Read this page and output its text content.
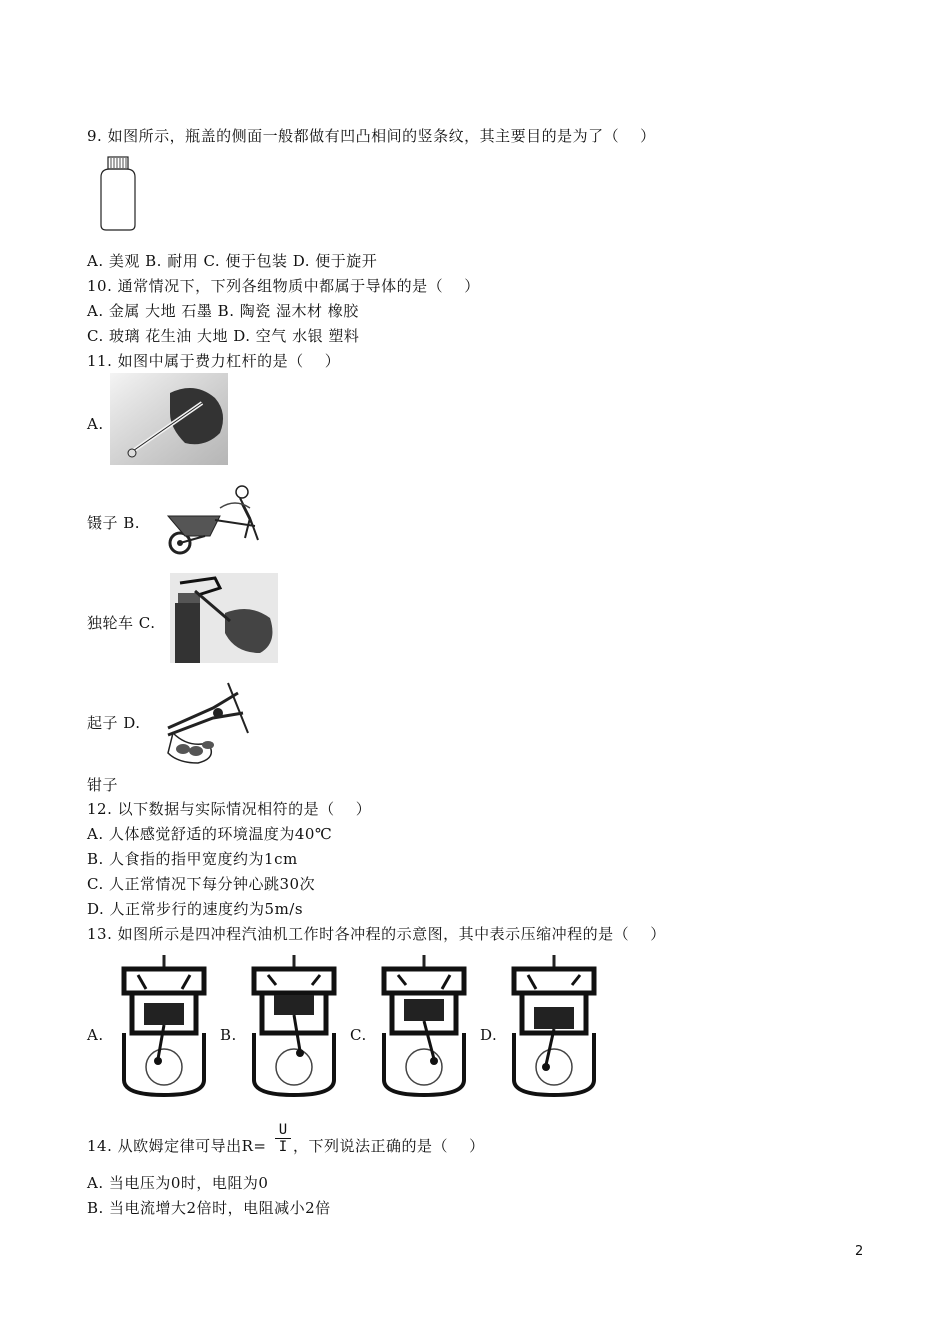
9. 如图所示，瓶盖的侧面一般都做有凹凸相间的竖条纹，其主要目的是为了（    ）
A. 美观 B. 耐用 C. 便于包装 D. 便于旋开
10. 通常情况下，下列各组物质中都属于导体的是（    ）
A. 金属 大地 石墨 B. 陶瓷 湿木材 橡胶
C. 玻璃 花生油 大地 D. 空气 水银 塑料
11. 如图中属于费力杠杆的是（    ）
A.
镊子 B.
独轮车 C.
起子 D.
钳子
12. 以下数据与实际情况相符的是（    ）
A. 人体感觉舒适的环境温度为40℃
B. 人食指的指甲宽度约为1cm
C. 人正常情况下每分钟心跳30次
D. 人正常步行的速度约为5m/s
13. 如图所示是四冲程汽油机工作时各冲程的示意图，其中表示压缩冲程的是（    ）
A.	B.	C.	D.
14. 从欧姆定律可导出$R= \frac{U}{I}$ ，下列说法正确的是（    ）
A. 当电压为0时，电阻为0
B. 当电流增大2倍时，电阻减小2倍
2
